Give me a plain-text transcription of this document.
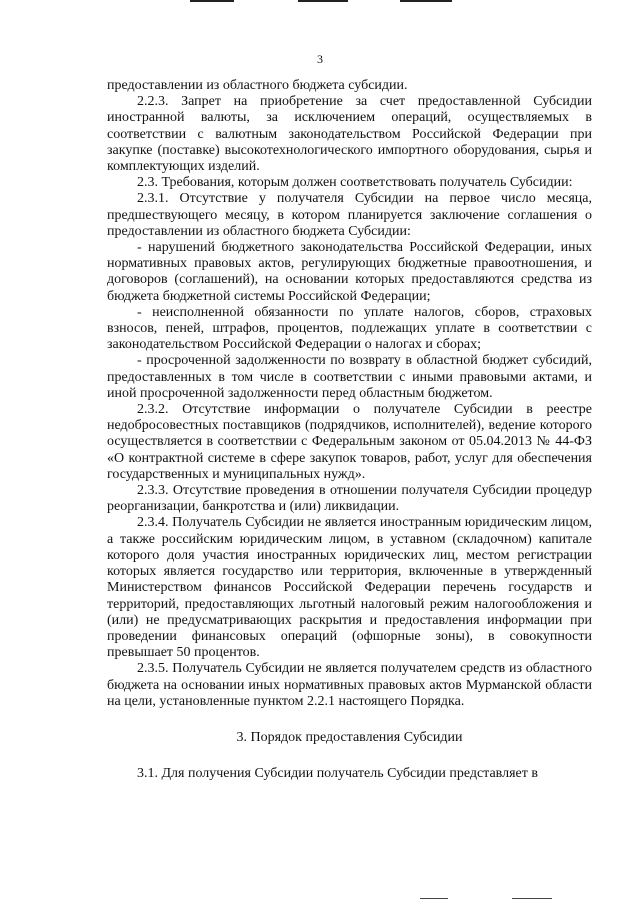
3

предоставлении из областного бюджета субсидии.

2.2.3. Запрет на приобретение за счет предоставленной Субсидии иностранной валюты, за исключением операций, осуществляемых в соответствии с валютным законодательством Российской Федерации при закупке (поставке) высокотехнологического импортного оборудования, сырья и комплектующих изделий.

2.3. Требования, которым должен соответствовать получатель Субсидии:

2.3.1. Отсутствие у получателя Субсидии на первое число месяца, предшествующего месяцу, в котором планируется заключение соглашения о предоставлении из областного бюджета Субсидии:

- нарушений бюджетного законодательства Российской Федерации, иных нормативных правовых актов, регулирующих бюджетные правоотношения, и договоров (соглашений), на основании которых предоставляются средства из бюджета бюджетной системы Российской Федерации;

- неисполненной обязанности по уплате налогов, сборов, страховых взносов, пеней, штрафов, процентов, подлежащих уплате в соответствии с законодательством Российской Федерации о налогах и сборах;

- просроченной задолженности по возврату в областной бюджет субсидий, предоставленных в том числе в соответствии с иными правовыми актами, и иной просроченной задолженности перед областным бюджетом.

2.3.2. Отсутствие информации о получателе Субсидии в реестре недобросовестных поставщиков (подрядчиков, исполнителей), ведение которого осуществляется в соответствии с Федеральным законом от 05.04.2013 № 44-ФЗ «О контрактной системе в сфере закупок товаров, работ, услуг для обеспечения государственных и муниципальных нужд».

2.3.3. Отсутствие проведения в отношении получателя Субсидии процедур реорганизации, банкротства и (или) ликвидации.

2.3.4. Получатель Субсидии не является иностранным юридическим лицом, а также российским юридическим лицом, в уставном (складочном) капитале которого доля участия иностранных юридических лиц, местом регистрации которых является государство или территория, включенные в утвержденный Министерством финансов Российской Федерации перечень государств и территорий, предоставляющих льготный налоговый режим налогообложения и (или) не предусматривающих раскрытия и предоставления информации при проведении финансовых операций (офшорные зоны), в совокупности превышает 50 процентов.

2.3.5. Получатель Субсидии не является получателем средств из областного бюджета на основании иных нормативных правовых актов Мурманской области на цели, установленные пунктом 2.2.1 настоящего Порядка.

3. Порядок предоставления Субсидии

3.1. Для получения Субсидии получатель Субсидии представляет в
